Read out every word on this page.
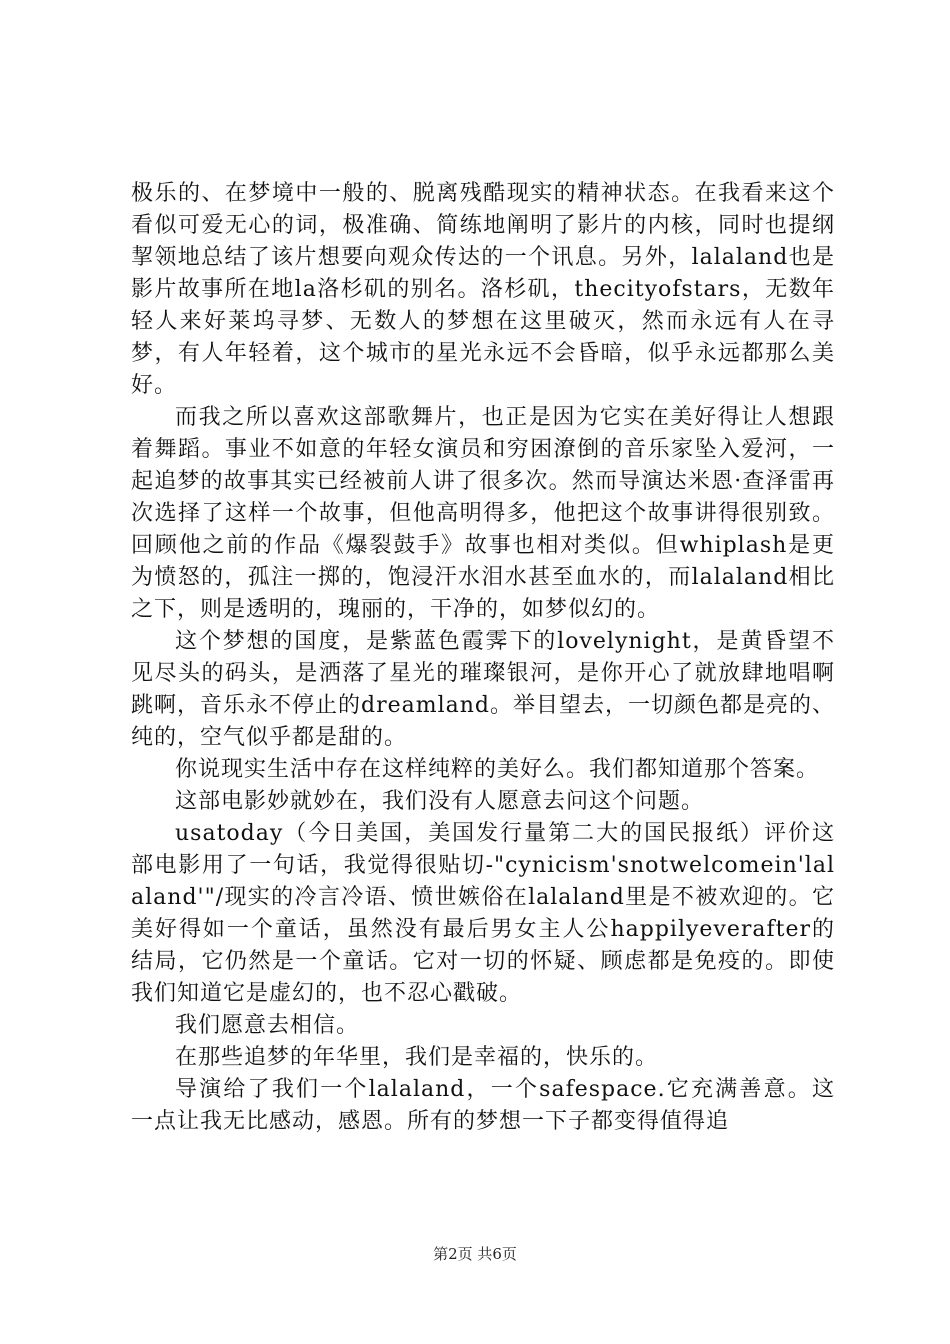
极乐的、在梦境中一般的、脱离残酷现实的精神状态。在我看来这个看似可爱无心的词，极准确、简练地阐明了影片的内核，同时也提纲挈领地总结了该片想要向观众传达的一个讯息。另外，lalaland也是影片故事所在地la洛杉矶的别名。洛杉矶，thecityofstars，无数年轻人来好莱坞寻梦、无数人的梦想在这里破灭，然而永远有人在寻梦，有人年轻着，这个城市的星光永远不会昏暗，似乎永远都那么美好。

而我之所以喜欢这部歌舞片，也正是因为它实在美好得让人想跟着舞蹈。事业不如意的年轻女演员和穷困潦倒的音乐家坠入爱河，一起追梦的故事其实已经被前人讲了很多次。然而导演达米恩·查泽雷再次选择了这样一个故事，但他高明得多，他把这个故事讲得很别致。回顾他之前的作品《爆裂鼓手》故事也相对类似。但whiplash是更为愤怒的，孤注一掷的，饱浸汗水泪水甚至血水的，而lalaland相比之下，则是透明的，瑰丽的，干净的，如梦似幻的。

这个梦想的国度，是紫蓝色霞霁下的lovelynight，是黄昏望不见尽头的码头，是洒落了星光的璀璨银河，是你开心了就放肆地唱啊跳啊，音乐永不停止的dreamland。举目望去，一切颜色都是亮的、纯的，空气似乎都是甜的。

你说现实生活中存在这样纯粹的美好么。我们都知道那个答案。

这部电影妙就妙在，我们没有人愿意去问这个问题。

usatoday（今日美国，美国发行量第二大的国民报纸）评价这部电影用了一句话，我觉得很贴切-"cynicism'snotwelcomein'lalaland'"/现实的冷言冷语、愤世嫉俗在lalaland里是不被欢迎的。它美好得如一个童话，虽然没有最后男女主人公happilyeverafter的结局，它仍然是一个童话。它对一切的怀疑、顾虑都是免疫的。即使我们知道它是虚幻的，也不忍心戳破。

我们愿意去相信。

在那些追梦的年华里，我们是幸福的，快乐的。

导演给了我们一个lalaland，一个safespace.它充满善意。这一点让我无比感动，感恩。所有的梦想一下子都变得值得追

第2页 共6页
